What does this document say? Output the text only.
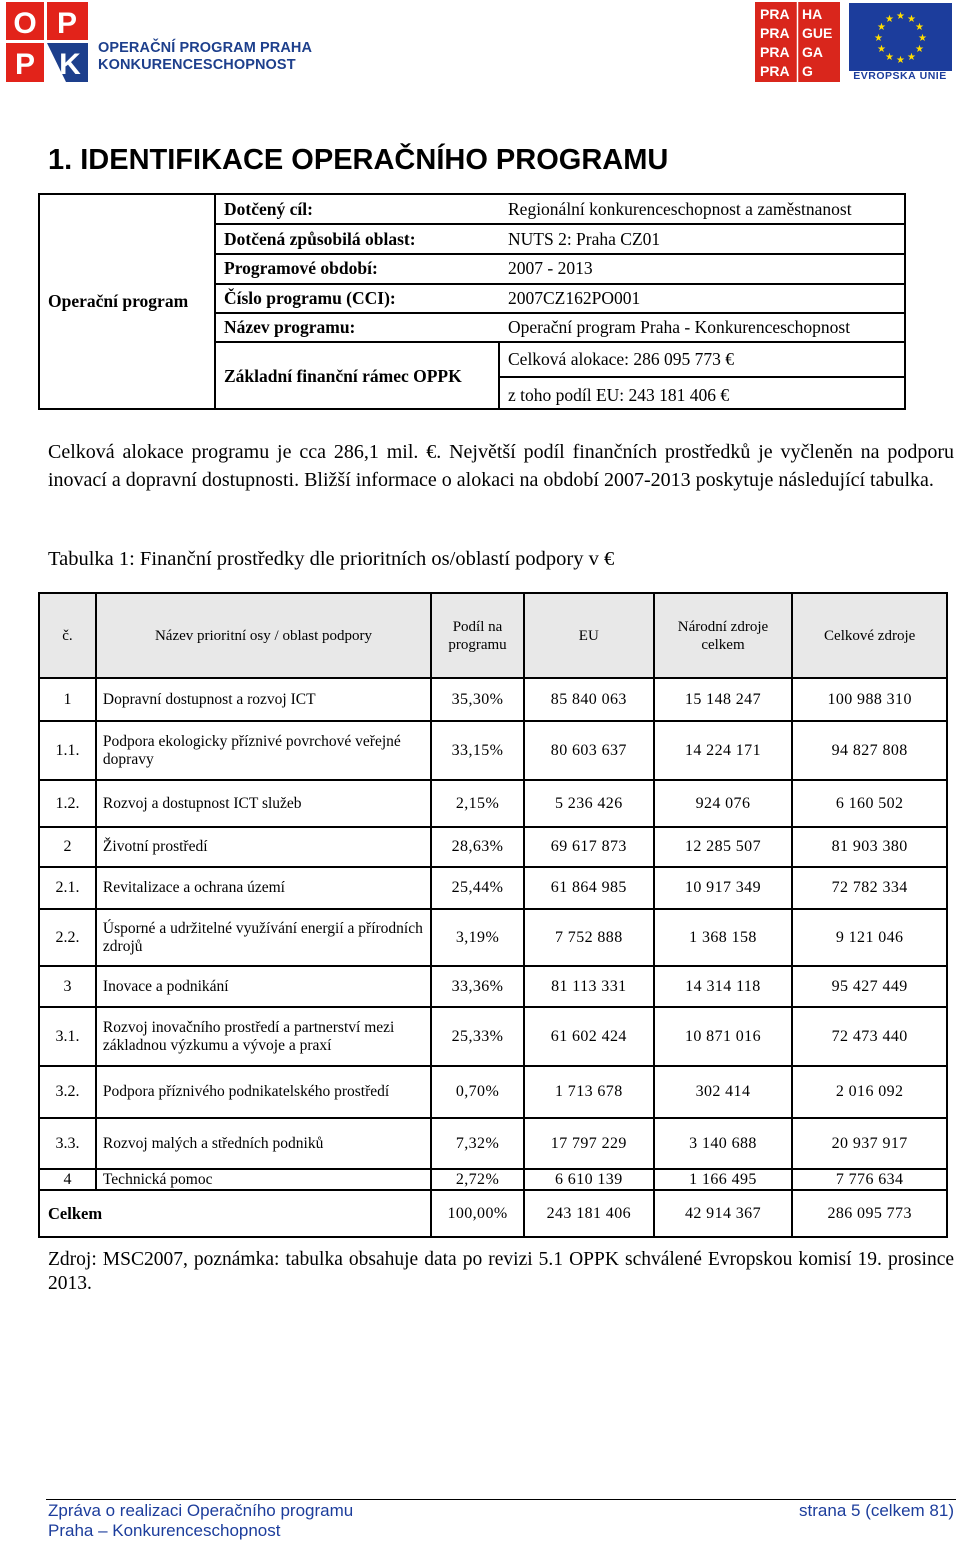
O P
P K OPERAČNÍ PROGRAM PRAHA
KONKURENCESCHOPNOST
PRA HA
PRA GUE
PRA GA
PRA G
★ ★
★
★
★
★
★
★
★
★
★
★
EVROPSKÁ UNIE
1. IDENTIFIKACE OPERAČNÍHO PROGRAMU
Operační program
Dotčený cíl:	Regionální konkurenceschopnost a zaměstnanost
Dotčená způsobilá oblast:	NUTS 2: Praha CZ01
Programové období:	2007 - 2013
Číslo programu (CCI):	2007CZ162PO001
Název programu:	Operační program Praha - Konkurenceschopnost
Základní finanční rámec OPPK
Celková alokace: 286 095 773 €
z toho podíl EU: 243 181 406 €
Celková alokace programu je cca 286,1 mil. €. Největší podíl finančních prostředků je vyčleněn na podporu inovací a dopravní dostupnosti. Bližší informace o alokaci na období 2007-2013 poskytuje následující tabulka.
Tabulka 1: Finanční prostředky dle prioritních os/oblastí podpory v €
č.	Název prioritní osy / oblast podpory	Podíl na programu	EU	Národní zdroje celkem	Celkové zdroje
1	Dopravní dostupnost a rozvoj ICT	35,30%	85 840 063	15 148 247	100 988 310
1.1.	Podpora ekologicky příznivé povrchové veřejné dopravy	33,15%	80 603 637	14 224 171	94 827 808
1.2.	Rozvoj a dostupnost ICT služeb	2,15%	5 236 426	924 076	6 160 502
2	Životní prostředí	28,63%	69 617 873	12 285 507	81 903 380
2.1.	Revitalizace a ochrana území	25,44%	61 864 985	10 917 349	72 782 334
2.2.	Úsporné a udržitelné využívání energií a přírodních zdrojů	3,19%	7 752 888	1 368 158	9 121 046
3	Inovace a podnikání	33,36%	81 113 331	14 314 118	95 427 449
3.1.	Rozvoj inovačního prostředí a partnerství mezi základnou výzkumu a vývoje a praxí	25,33%	61 602 424	10 871 016	72 473 440
3.2.	Podpora příznivého podnikatelského prostředí	0,70%	1 713 678	302 414	2 016 092
3.3.	Rozvoj malých a středních podniků	7,32%	17 797 229	3 140 688	20 937 917
4	Technická pomoc	2,72%	6 610 139	1 166 495	7 776 634
Celkem		100,00%	243 181 406	42 914 367	286 095 773
Zdroj: MSC2007, poznámka: tabulka obsahuje data po revizi 5.1 OPPK schválené Evropskou komisí 19. prosince 2013.
Zpráva o realizaci Operačního programu
Praha – Konkurenceschopnost
strana 5 (celkem 81)
